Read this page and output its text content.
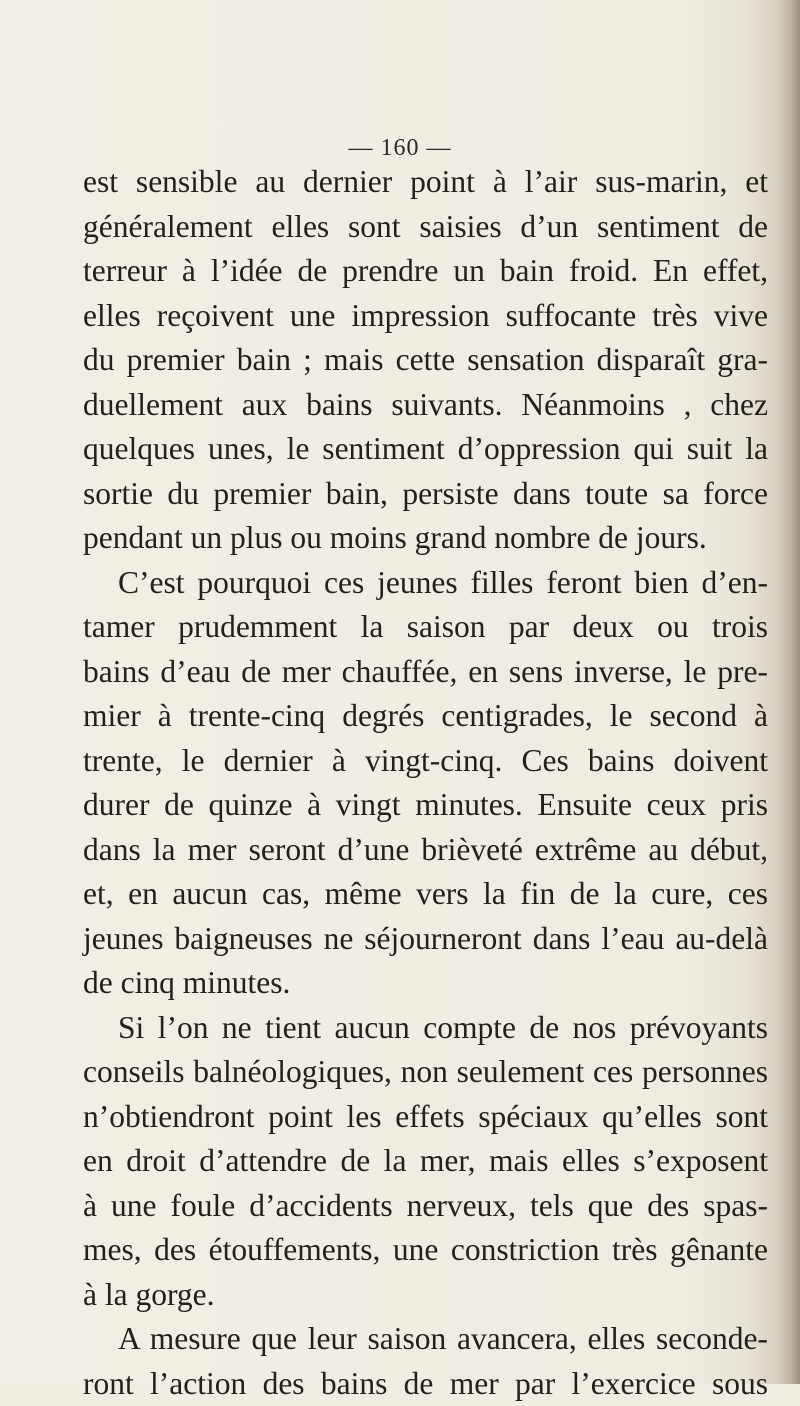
— 160 —

est sensible au dernier point à l’air sus-marin, et
généralement elles sont saisies d’un sentiment de
terreur à l’idée de prendre un bain froid. En effet,
elles reçoivent une impression suffocante très vive
du premier bain ; mais cette sensation disparaît gra-
duellement aux bains suivants. Néanmoins , chez
quelques unes, le sentiment d’oppression qui suit la
sortie du premier bain, persiste dans toute sa force
pendant un plus ou moins grand nombre de jours.
C’est pourquoi ces jeunes filles feront bien d’en-
tamer prudemment la saison par deux ou trois
bains d’eau de mer chauffée, en sens inverse, le pre-
mier à trente-cinq degrés centigrades, le second à
trente, le dernier à vingt-cinq. Ces bains doivent
durer de quinze à vingt minutes. Ensuite ceux pris
dans la mer seront d’une brièveté extrême au début,
et, en aucun cas, même vers la fin de la cure, ces
jeunes baigneuses ne séjourneront dans l’eau au-delà
de cinq minutes.
Si l’on ne tient aucun compte de nos prévoyants
conseils balnéologiques, non seulement ces personnes
n’obtiendront point les effets spéciaux qu’elles sont
en droit d’attendre de la mer, mais elles s’exposent
à une foule d’accidents nerveux, tels que des spas-
mes, des étouffements, une constriction très gênante
à la gorge.
A mesure que leur saison avancera, elles seconde-
ront l’action des bains de mer par l’exercice sous
